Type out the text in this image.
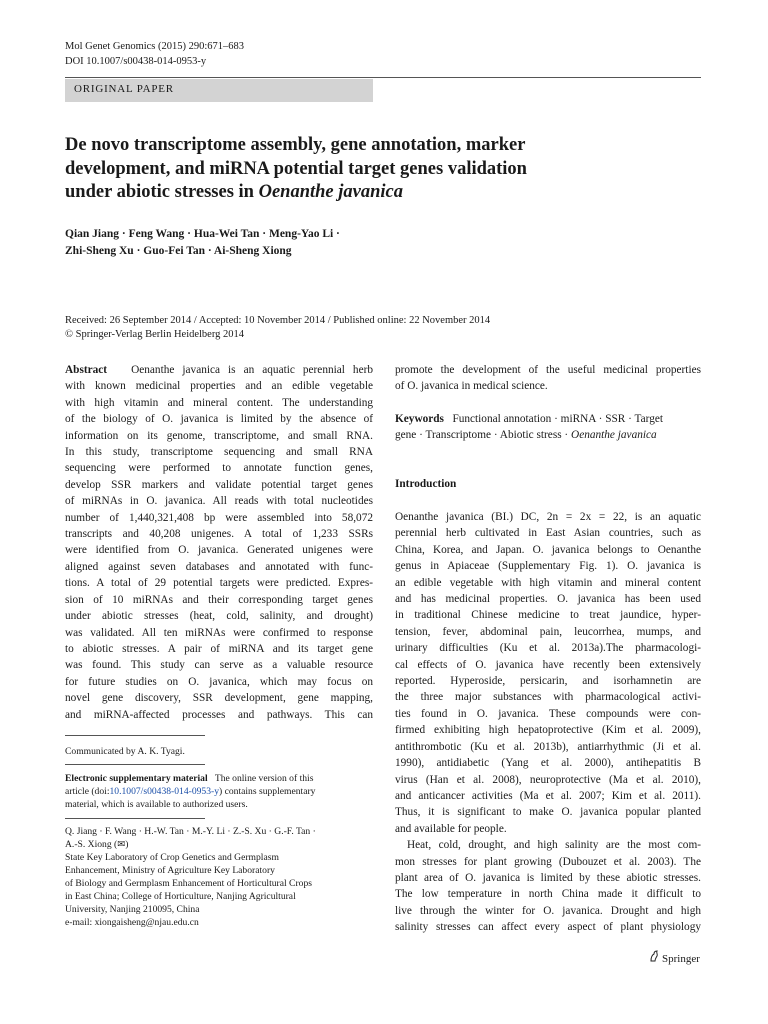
Mol Genet Genomics (2015) 290:671–683
DOI 10.1007/s00438-014-0953-y
ORIGINAL PAPER
De novo transcriptome assembly, gene annotation, marker
development, and miRNA potential target genes validation
under abiotic stresses in Oenanthe javanica
Qian Jiang · Feng Wang · Hua-Wei Tan · Meng-Yao Li ·
Zhi-Sheng Xu · Guo-Fei Tan · Ai-Sheng Xiong
Received: 26 September 2014 / Accepted: 10 November 2014 / Published online: 22 November 2014
© Springer-Verlag Berlin Heidelberg 2014
Abstract Oenanthe javanica is an aquatic perennial herb
with known medicinal properties and an edible vegetable
with high vitamin and mineral content. The understanding
of the biology of O. javanica is limited by the absence of
information on its genome, transcriptome, and small RNA.
In this study, transcriptome sequencing and small RNA
sequencing were performed to annotate function genes,
develop SSR markers and validate potential target genes
of miRNAs in O. javanica. All reads with total nucleotides
number of 1,440,321,408 bp were assembled into 58,072
transcripts and 40,208 unigenes. A total of 1,233 SSRs
were identified from O. javanica. Generated unigenes were
aligned against seven databases and annotated with func-
tions. A total of 29 potential targets were predicted. Expres-
sion of 10 miRNAs and their corresponding target genes
under abiotic stresses (heat, cold, salinity, and drought)
was validated. All ten miRNAs were confirmed to response
to abiotic stresses. A pair of miRNA and its target gene
was found. This study can serve as a valuable resource
for future studies on O. javanica, which may focus on
novel gene discovery, SSR development, gene mapping,
and miRNA-affected processes and pathways. This can
promote the development of the useful medicinal properties
of O. javanica in medical science.
Keywords Functional annotation · miRNA · SSR · Target
gene · Transcriptome · Abiotic stress · Oenanthe javanica
Introduction
Oenanthe javanica (BI.) DC, 2n = 2x = 22, is an aquatic
perennial herb cultivated in East Asian countries, such as
China, Korea, and Japan. O. javanica belongs to Oenanthe
genus in Apiaceae (Supplementary Fig. 1). O. javanica is
an edible vegetable with high vitamin and mineral content
and has medicinal properties. O. javanica has been used
in traditional Chinese medicine to treat jaundice, hyper-
tension, fever, abdominal pain, leucorrhea, mumps, and
urinary difficulties (Ku et al. 2013a).The pharmacologi-
cal effects of O. javanica have recently been extensively
reported. Hyperoside, persicarin, and isorhamnetin are
the three major substances with pharmacological activi-
ties found in O. javanica. These compounds were con-
firmed exhibiting high hepatoprotective (Kim et al. 2009),
antithrombotic (Ku et al. 2013b), antiarrhythmic (Ji et al.
1990), antidiabetic (Yang et al. 2000), antihepatitis B
virus (Han et al. 2008), neuroprotective (Ma et al. 2010),
and anticancer activities (Ma et al. 2007; Kim et al. 2011).
Thus, it is significant to make O. javanica popular planted
and available for people.
Heat, cold, drought, and high salinity are the most com-
mon stresses for plant growing (Dubouzet et al. 2003). The
plant area of O. javanica is limited by these abiotic stresses.
The low temperature in north China made it difficult to
live through the winter for O. javanica. Drought and high
salinity stresses can affect every aspect of plant physiology
Communicated by A. K. Tyagi.
Electronic supplementary material The online version of this
article (doi:10.1007/s00438-014-0953-y) contains supplementary
material, which is available to authorized users.
Q. Jiang · F. Wang · H.-W. Tan · M.-Y. Li · Z.-S. Xu · G.-F. Tan ·
A.-S. Xiong (✉)
State Key Laboratory of Crop Genetics and Germplasm
Enhancement, Ministry of Agriculture Key Laboratory
of Biology and Germplasm Enhancement of Horticultural Crops
in East China; College of Horticulture, Nanjing Agricultural
University, Nanjing 210095, China
e-mail: xiongaisheng@njau.edu.cn
Springer
